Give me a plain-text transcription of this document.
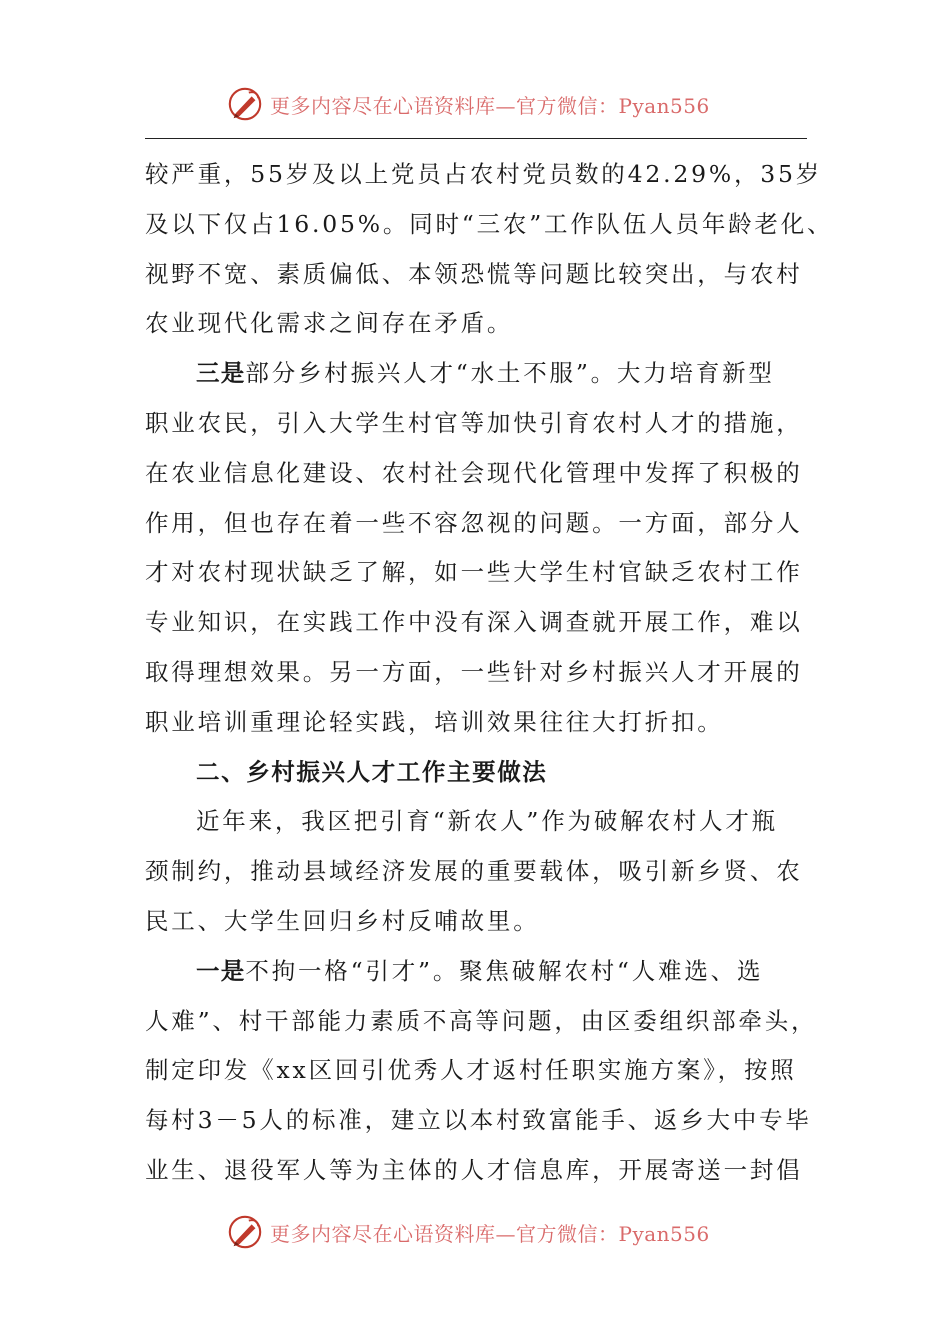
更多内容尽在心语资料库—官方微信：Pyan556
较严重，55岁及以上党员占农村党员数的42.29%，35岁
及以下仅占16.05%。同时“三农”工作队伍人员年龄老化、
视野不宽、素质偏低、本领恐慌等问题比较突出，与农村
农业现代化需求之间存在矛盾。
三是部分乡村振兴人才“水土不服”。大力培育新型
职业农民，引入大学生村官等加快引育农村人才的措施，
在农业信息化建设、农村社会现代化管理中发挥了积极的
作用，但也存在着一些不容忽视的问题。一方面，部分人
才对农村现状缺乏了解，如一些大学生村官缺乏农村工作
专业知识，在实践工作中没有深入调查就开展工作，难以
取得理想效果。另一方面，一些针对乡村振兴人才开展的
职业培训重理论轻实践，培训效果往往大打折扣。
二、乡村振兴人才工作主要做法
近年来，我区把引育“新农人”作为破解农村人才瓶
颈制约，推动县域经济发展的重要载体，吸引新乡贤、农
民工、大学生回归乡村反哺故里。
一是不拘一格“引才”。聚焦破解农村“人难选、选
人难”、村干部能力素质不高等问题，由区委组织部牵头，
制定印发《xx区回引优秀人才返村任职实施方案》，按照
每村3－5人的标准，建立以本村致富能手、返乡大中专毕
业生、退役军人等为主体的人才信息库，开展寄送一封倡
更多内容尽在心语资料库—官方微信：Pyan556
